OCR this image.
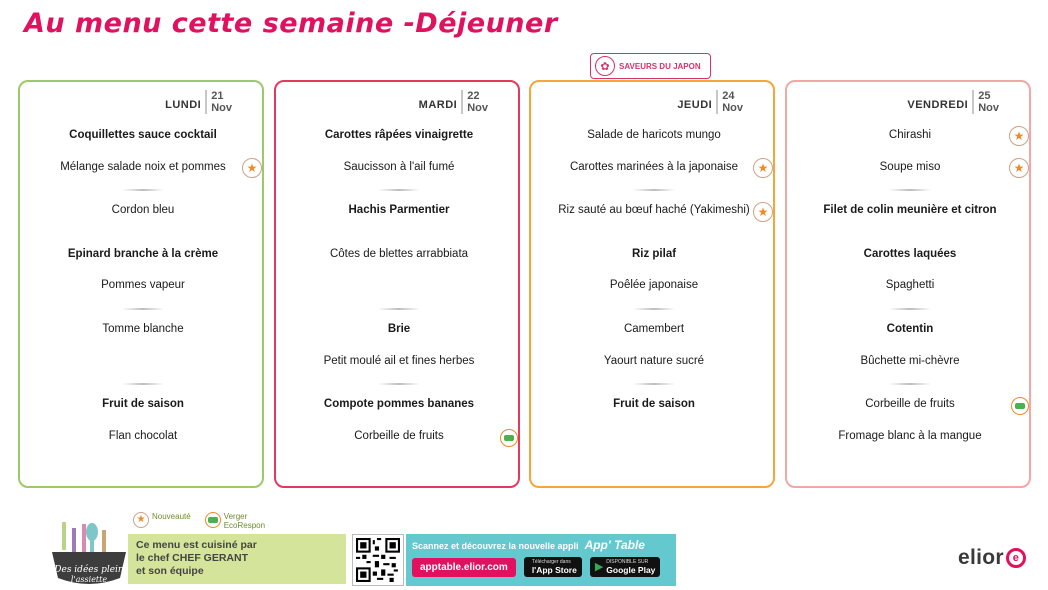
Au menu cette semaine -Déjeuner
✿	SAVEURS DU JAPON
LUNDI
21
Nov
Coquillettes sauce cocktail
Mélange salade noix et pommes	★
Cordon bleu
Epinard branche à la crème
Pommes vapeur
Tomme blanche
Fruit de saison
Flan chocolat
MARDI
22
Nov
Carottes râpées vinaigrette
Saucisson à l'ail fumé
Hachis Parmentier
Côtes de blettes arrabbiata
Brie
Petit moulé ail et fines herbes
Compote pommes bananes
Corbeille de fruits
JEUDI
24
Nov
Salade de haricots mungo
Carottes marinées à la japonaise	★
Riz sauté au bœuf haché (Yakimeshi) ★
Riz pilaf
Poêlée japonaise
Camembert
Yaourt nature sucré
Fruit de saison
VENDREDI
25
Nov
Chirashi	★
Soupe miso	★
Filet de colin meunière et citron
Carottes laquées
Spaghetti
Cotentin
Bûchette mi-chèvre
Corbeille de fruits
Fromage blanc à la mangue
★ Nouveauté	Verger
EcoRespon
Des idées plein
l'assiette
Ce menu est cuisiné par
le chef CHEF GERANT
et son équipe
Scannez et découvrez la nouvelle appli App' Table
apptable.elior.com	Télécharger dans
l'App Store ▶ DISPONIBLE SUR
Google Play
elior e
